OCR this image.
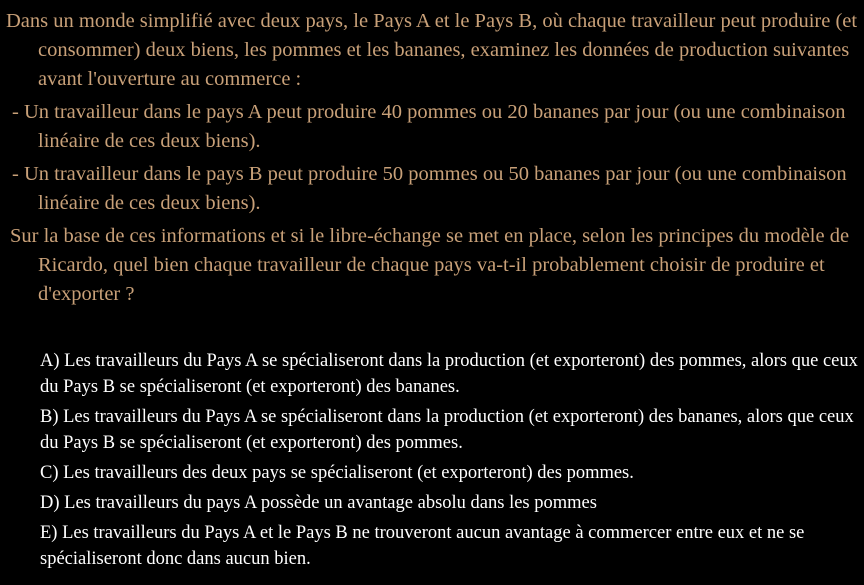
Dans un monde simplifié avec deux pays, le Pays A et le Pays B, où chaque travailleur peut produire (et consommer) deux biens, les pommes et les bananes, examinez les données de production suivantes avant l'ouverture au commerce :

- Un travailleur dans le pays A peut produire 40 pommes ou 20 bananes par jour (ou une combinaison linéaire de ces deux biens).

- Un travailleur dans le pays B peut produire 50 pommes ou 50 bananes par jour (ou une combinaison linéaire de ces deux biens).

Sur la base de ces informations et si le libre-échange se met en place, selon les principes du modèle de Ricardo, quel bien chaque travailleur de chaque pays va-t-il probablement choisir de produire et d'exporter ?

A) Les travailleurs du Pays A se spécialiseront dans la production (et exporteront) des pommes, alors que ceux du Pays B se spécialiseront (et exporteront) des bananes.
B) Les travailleurs du Pays A se spécialiseront dans la production (et exporteront) des bananes, alors que ceux du Pays B se spécialiseront (et exporteront) des pommes.
C) Les travailleurs des deux pays se spécialiseront (et exporteront) des pommes.
D) Les travailleurs du pays A possède un avantage absolu dans les pommes
E) Les travailleurs du Pays A et le Pays B ne trouveront aucun avantage à commercer entre eux et ne se spécialiseront donc dans aucun bien.
